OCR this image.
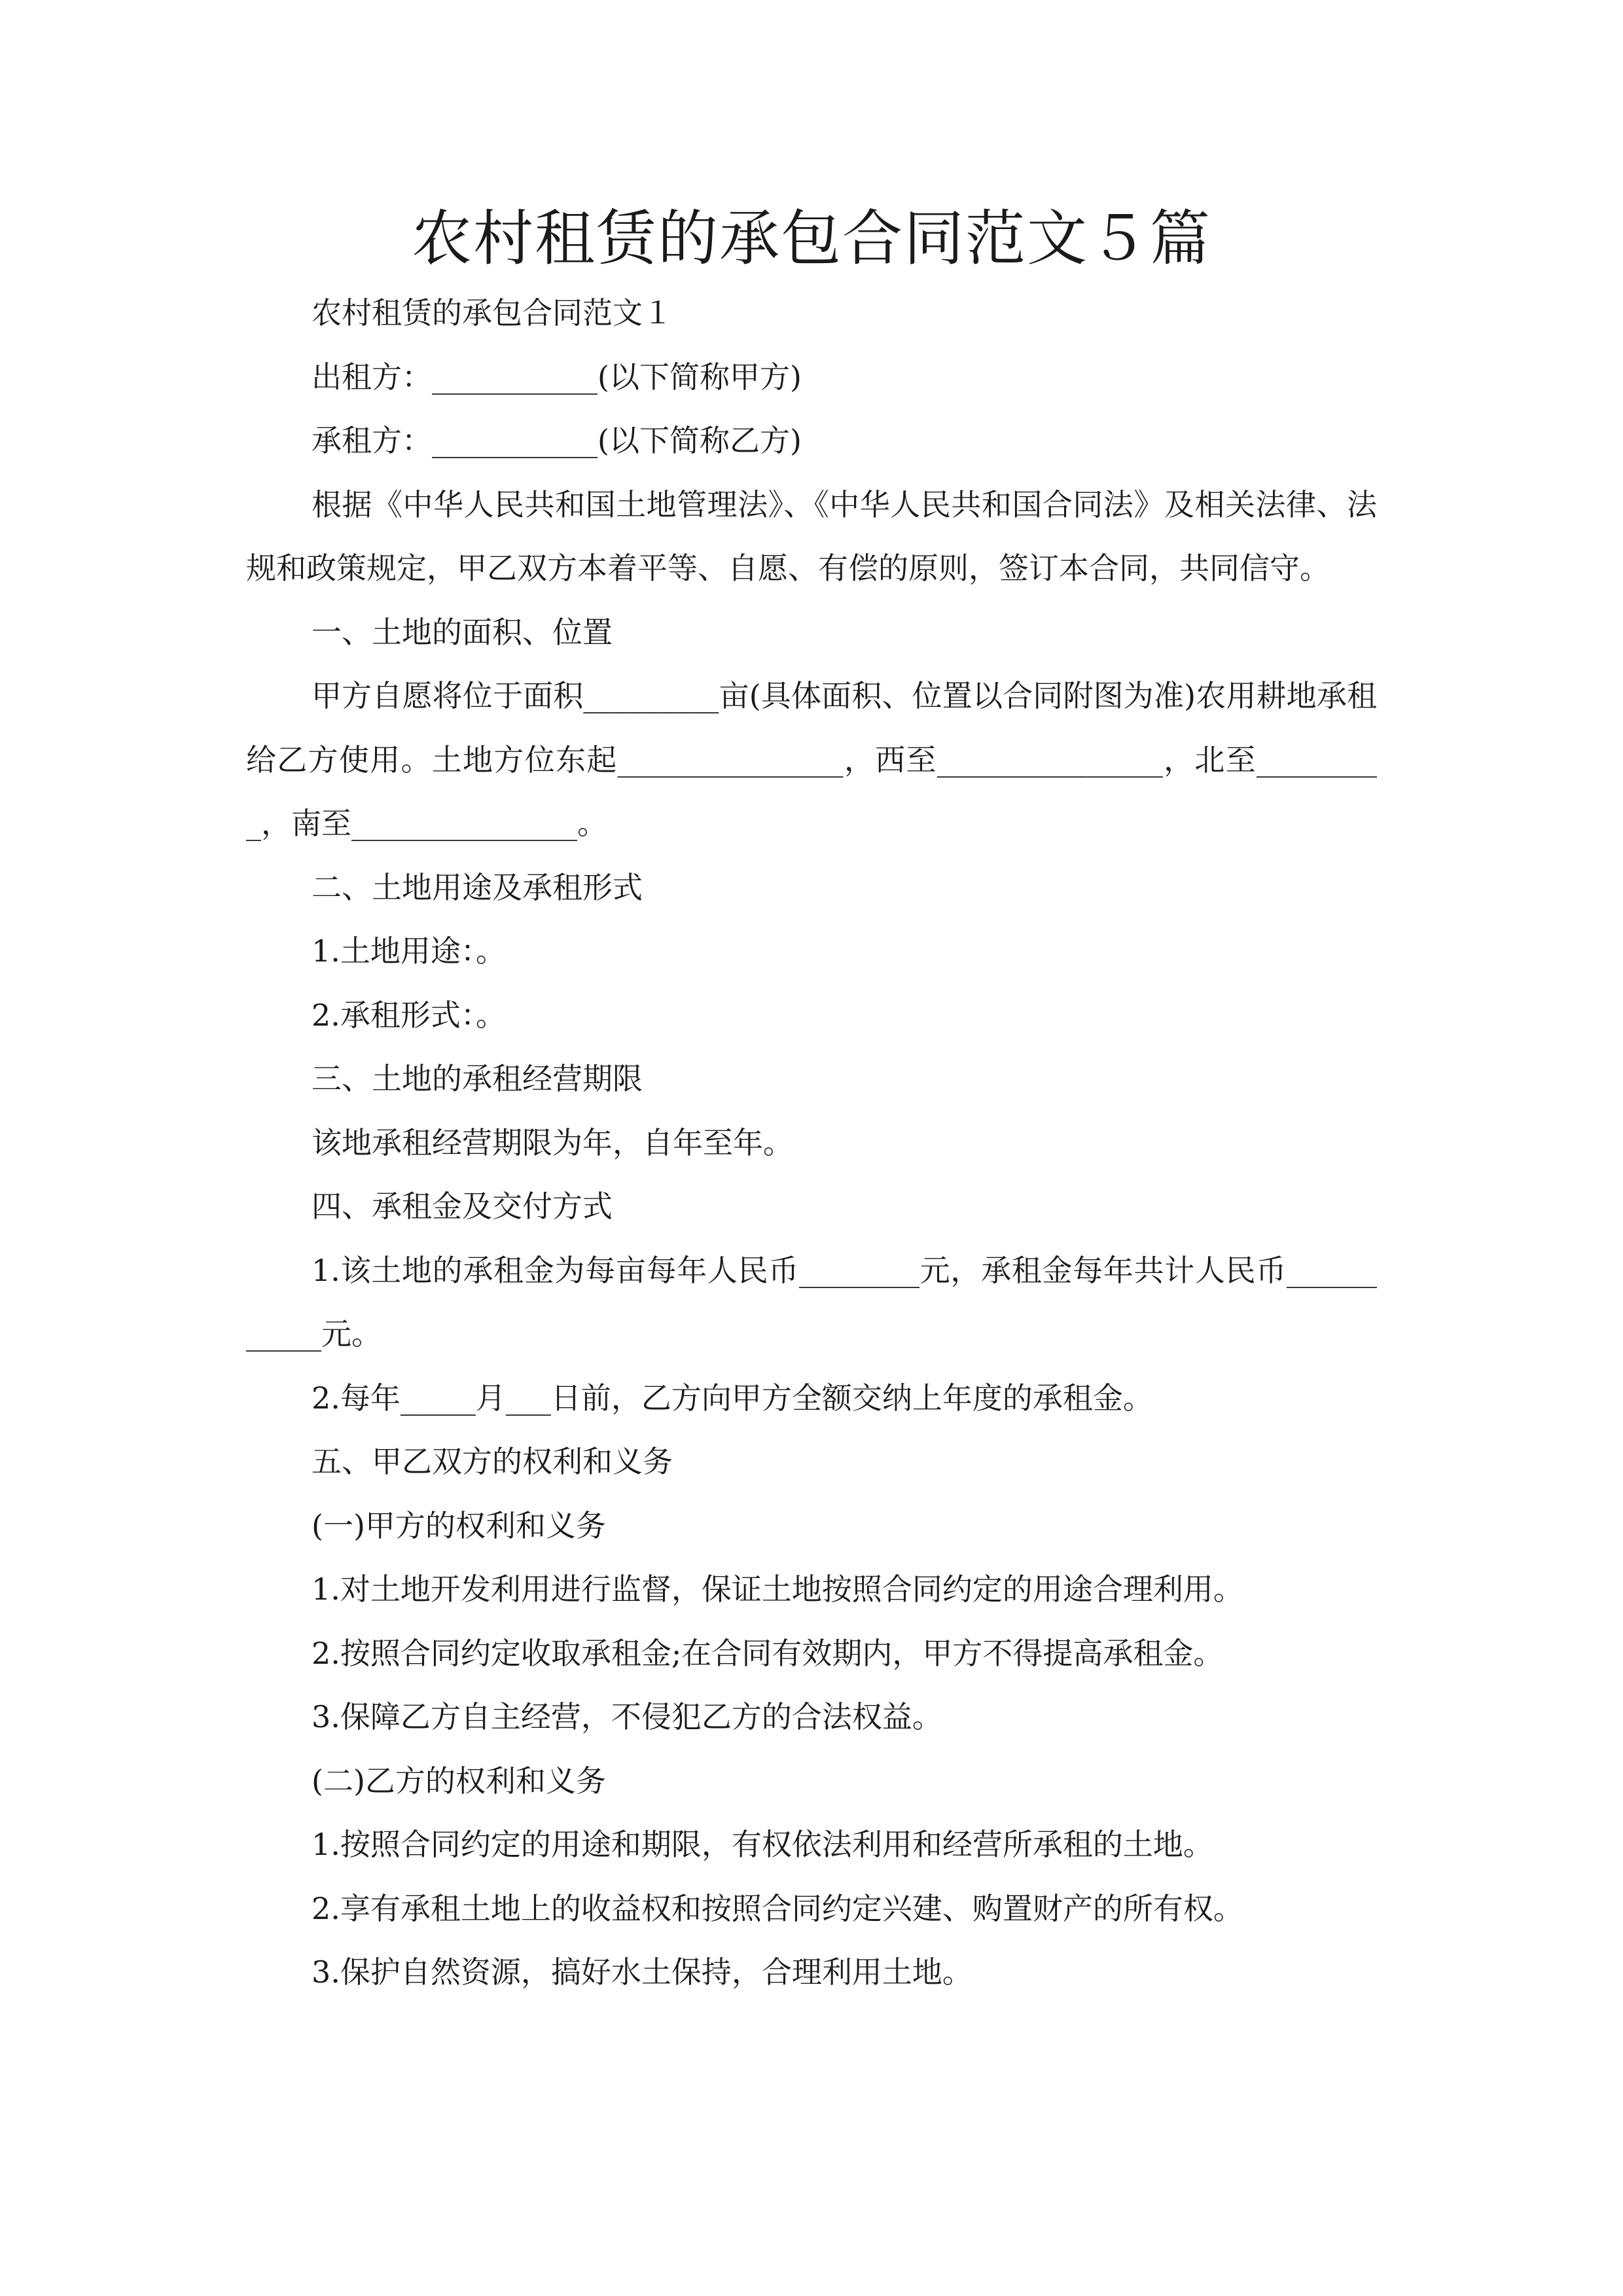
农村租赁的承包合同范文５篇

农村租赁的承包合同范文１

出租方：___________(以下简称甲方)

承租方：___________(以下简称乙方)

根据《中华人民共和国土地管理法》、《中华人民共和国合同法》及相关法律、法规和政策规定，甲乙双方本着平等、自愿、有偿的原则，签订本合同，共同信守。

一、土地的面积、位置

甲方自愿将位于面积_________亩(具体面积、位置以合同附图为准)农用耕地承租给乙方使用。土地方位东起_______________，西至_______________，北至_________，南至_______________。

二、土地用途及承租形式

1.土地用途：。

2.承租形式：。

三、土地的承租经营期限

该地承租经营期限为年，自年至年。

四、承租金及交付方式

1.该土地的承租金为每亩每年人民币________元，承租金每年共计人民币___________元。

2.每年_____月___日前，乙方向甲方全额交纳上年度的承租金。

五、甲乙双方的权利和义务

(一)甲方的权利和义务

1.对土地开发利用进行监督，保证土地按照合同约定的用途合理利用。

2.按照合同约定收取承租金;在合同有效期内，甲方不得提高承租金。

3.保障乙方自主经营，不侵犯乙方的合法权益。

(二)乙方的权利和义务

1.按照合同约定的用途和期限，有权依法利用和经营所承租的土地。

2.享有承租土地上的收益权和按照合同约定兴建、购置财产的所有权。

3.保护自然资源，搞好水土保持，合理利用土地。
